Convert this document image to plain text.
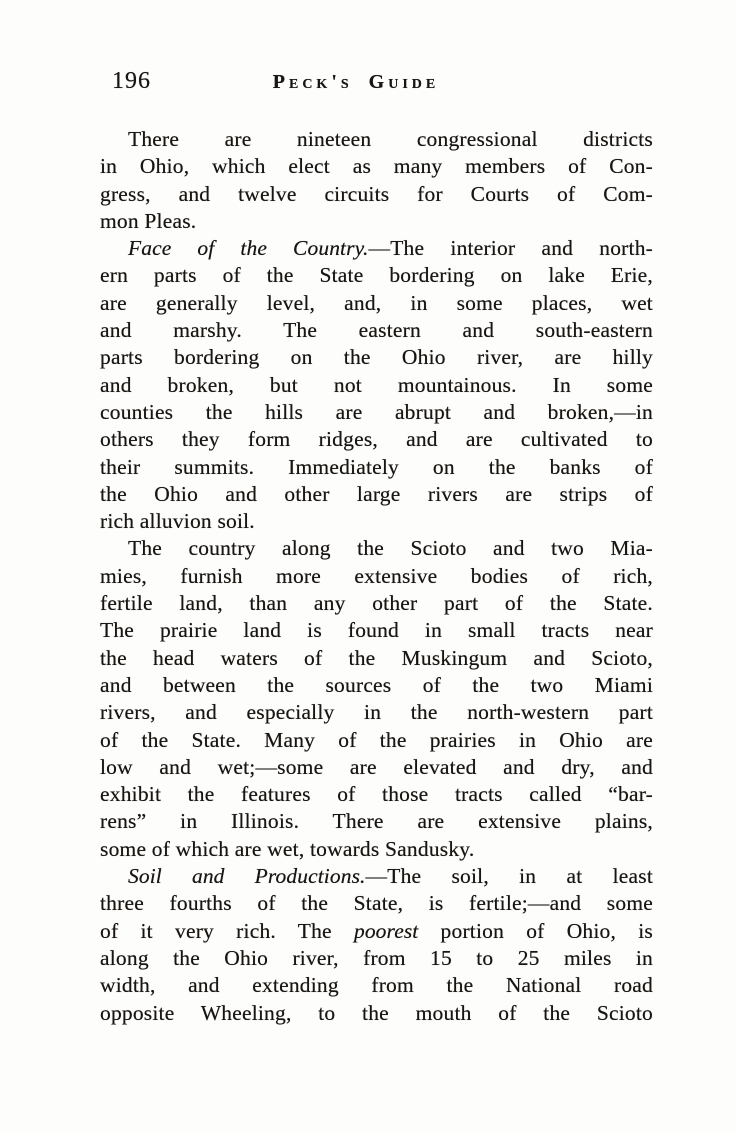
196	Peck's Guide
There are nineteen congressional districts
in Ohio, which elect as many members of Con-
gress, and twelve circuits for Courts of Com-
mon Pleas.
Face of the Country.—The interior and north-
ern parts of the State bordering on lake Erie,
are generally level, and, in some places, wet
and marshy. The eastern and south-eastern
parts bordering on the Ohio river, are hilly
and broken, but not mountainous. In some
counties the hills are abrupt and broken,—in
others they form ridges, and are cultivated to
their summits. Immediately on the banks of
the Ohio and other large rivers are strips of
rich alluvion soil.
The country along the Scioto and two Mia-
mies, furnish more extensive bodies of rich,
fertile land, than any other part of the State.
The prairie land is found in small tracts near
the head waters of the Muskingum and Scioto,
and between the sources of the two Miami
rivers, and especially in the north-western part
of the State. Many of the prairies in Ohio are
low and wet;—some are elevated and dry, and
exhibit the features of those tracts called “bar-
rens” in Illinois. There are extensive plains,
some of which are wet, towards Sandusky.
Soil and Productions.—The soil, in at least
three fourths of the State, is fertile;—and some
of it very rich. The poorest portion of Ohio, is
along the Ohio river, from 15 to 25 miles in
width, and extending from the National road
opposite Wheeling, to the mouth of the Scioto
